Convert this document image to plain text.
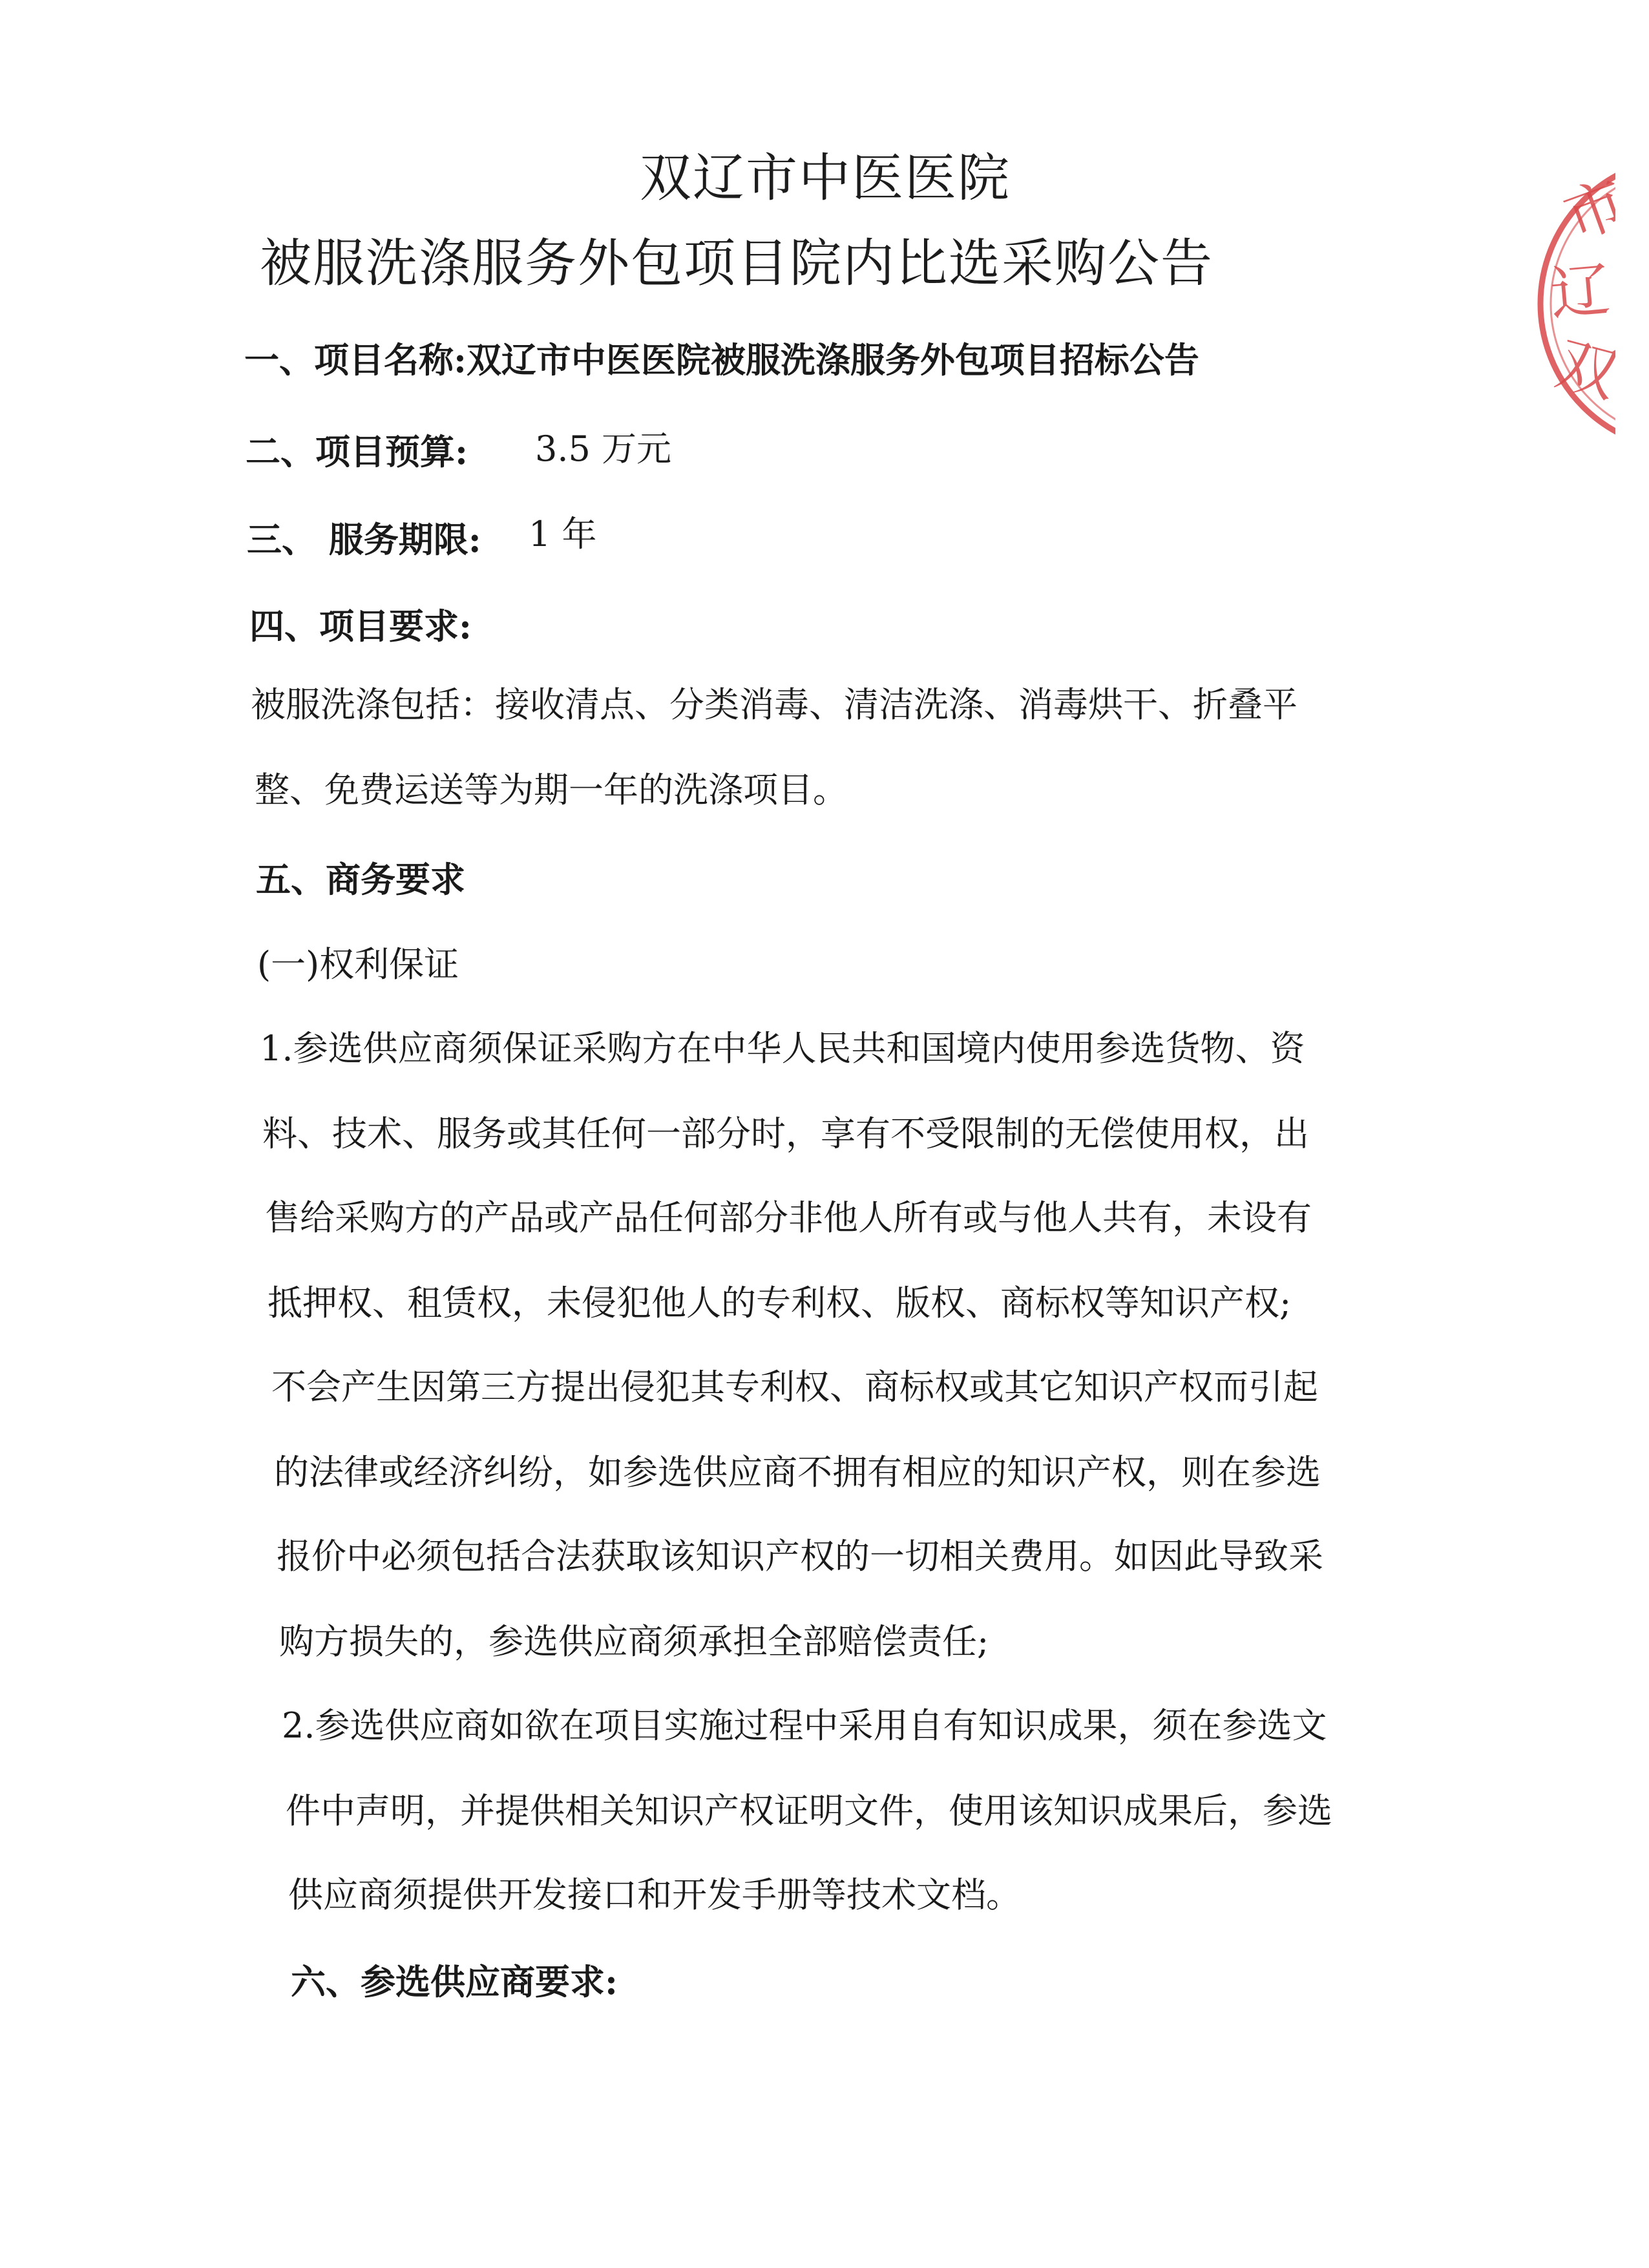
双辽市中医医院
被服洗涤服务外包项目院内比选采购公告
一、项目名称:双辽市中医医院被服洗涤服务外包项目招标公告
二、项目预算: 3.5 万元
三、 服务期限: 1 年
四、项目要求:
被服洗涤包括：接收清点、分类消毒、清洁洗涤、消毒烘干、折叠平
整、免费运送等为期一年的洗涤项目。
五、商务要求
(一)权利保证
1.参选供应商须保证采购方在中华人民共和国境内使用参选货物、资
料、技术、服务或其任何一部分时，享有不受限制的无偿使用权，出
售给采购方的产品或产品任何部分非他人所有或与他人共有，未设有
抵押权、租赁权，未侵犯他人的专利权、版权、商标权等知识产权;
不会产生因第三方提出侵犯其专利权、商标权或其它知识产权而引起
的法律或经济纠纷，如参选供应商不拥有相应的知识产权，则在参选
报价中必须包括合法获取该知识产权的一切相关费用。如因此导致采
购方损失的，参选供应商须承担全部赔偿责任;
2.参选供应商如欲在项目实施过程中采用自有知识成果，须在参选文
件中声明，并提供相关知识产权证明文件，使用该知识成果后，参选
供应商须提供开发接口和开发手册等技术文档。
六、参选供应商要求:
市
辽
双
